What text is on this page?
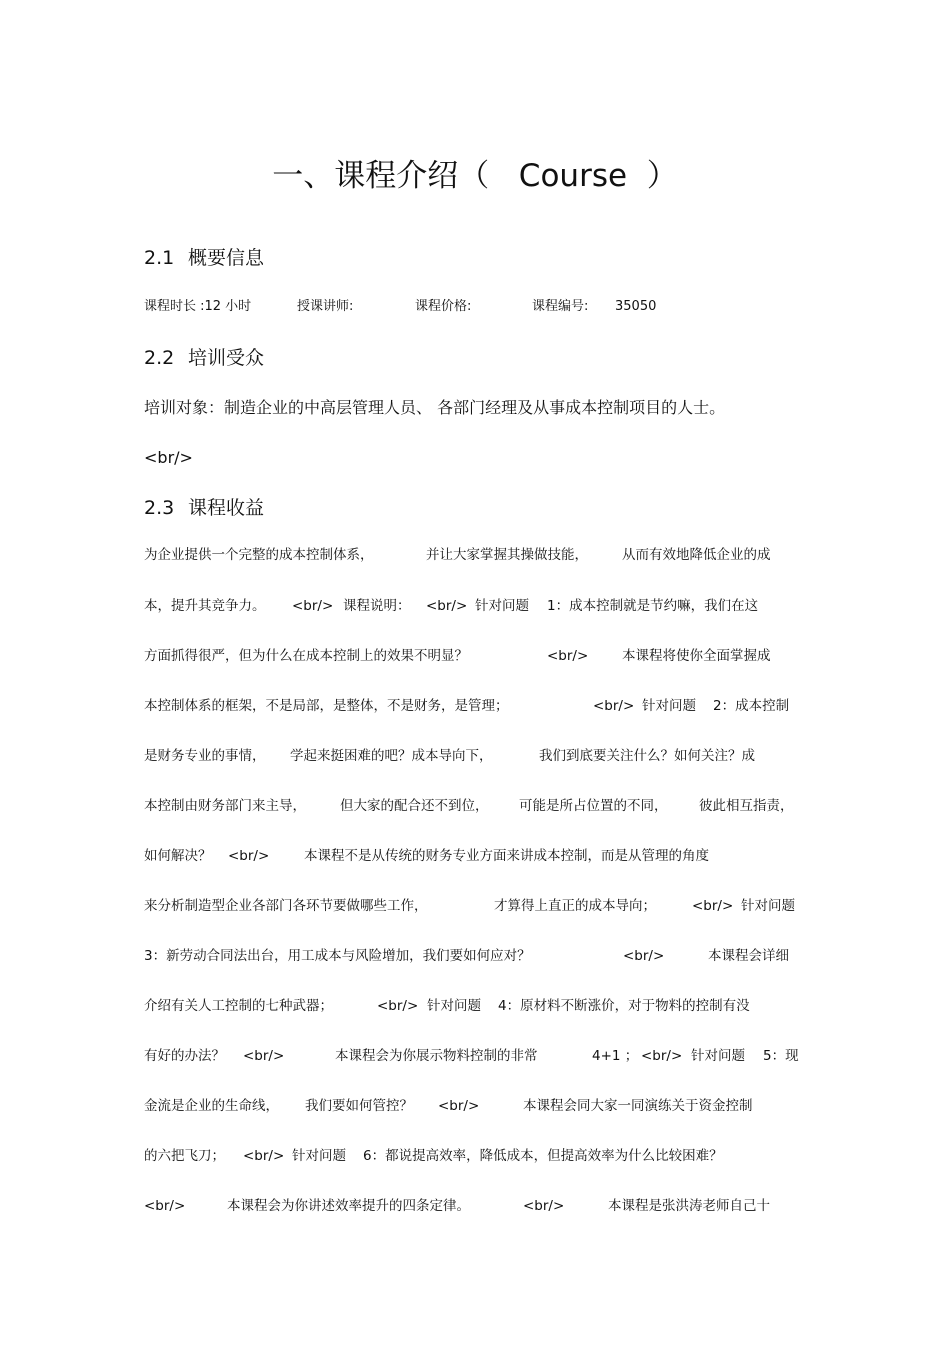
一、课程介绍（   Course  ）
2.1 概要信息
课程时长 :12 小时	授课讲师:	课程价格:	课程编号: 35050
2.2 培训受众
培训对象：制造企业的中高层管理人员、 各部门经理及从事成本控制项目的人士。
<br/>
2.3 课程收益
为企业提供一个完整的成本控制体系，	并让大家掌握其操做技能，	从而有效地降低企业的成
本，提升其竞争力。 <br/> 课程说明： <br/> 针对问题 1：成本控制就是节约嘛，我们在这
方面抓得很严，但为什么在成本控制上的效果不明显？	<br/> 本课程将使你全面掌握成
本控制体系的框架，不是局部，是整体，不是财务，是管理；	<br/> 针对问题 2：成本控制
是财务专业的事情， 学起来挺困难的吧？成本导向下，	我们到底要关注什么？如何关注？成
本控制由财务部门来主导，	但大家的配合还不到位， 可能是所占位置的不同， 彼此相互指责，
如何解决？ <br/>	本课程不是从传统的财务专业方面来讲成本控制，而是从管理的角度
来分析制造型企业各部门各环节要做哪些工作，	才算得上直正的成本导向；	<br/> 针对问题
3：新劳动合同法出台，用工成本与风险增加，我们要如何应对？	<br/>	本课程会详细
介绍有关人工控制的七种武器；	<br/> 针对问题 4：原材料不断涨价，对于物料的控制有没
有好的办法？ <br/>	本课程会为你展示物料控制的非常	4+1 ； <br/> 针对问题 5：现
金流是企业的生命线， 我们要如何管控？ <br/>	本课程会同大家一同演练关于资金控制
的六把飞刀； <br/> 针对问题 6：都说提高效率，降低成本，但提高效率为什么比较困难？
<br/>	本课程会为你讲述效率提升的四条定律。	<br/>	本课程是张洪涛老师自己十
